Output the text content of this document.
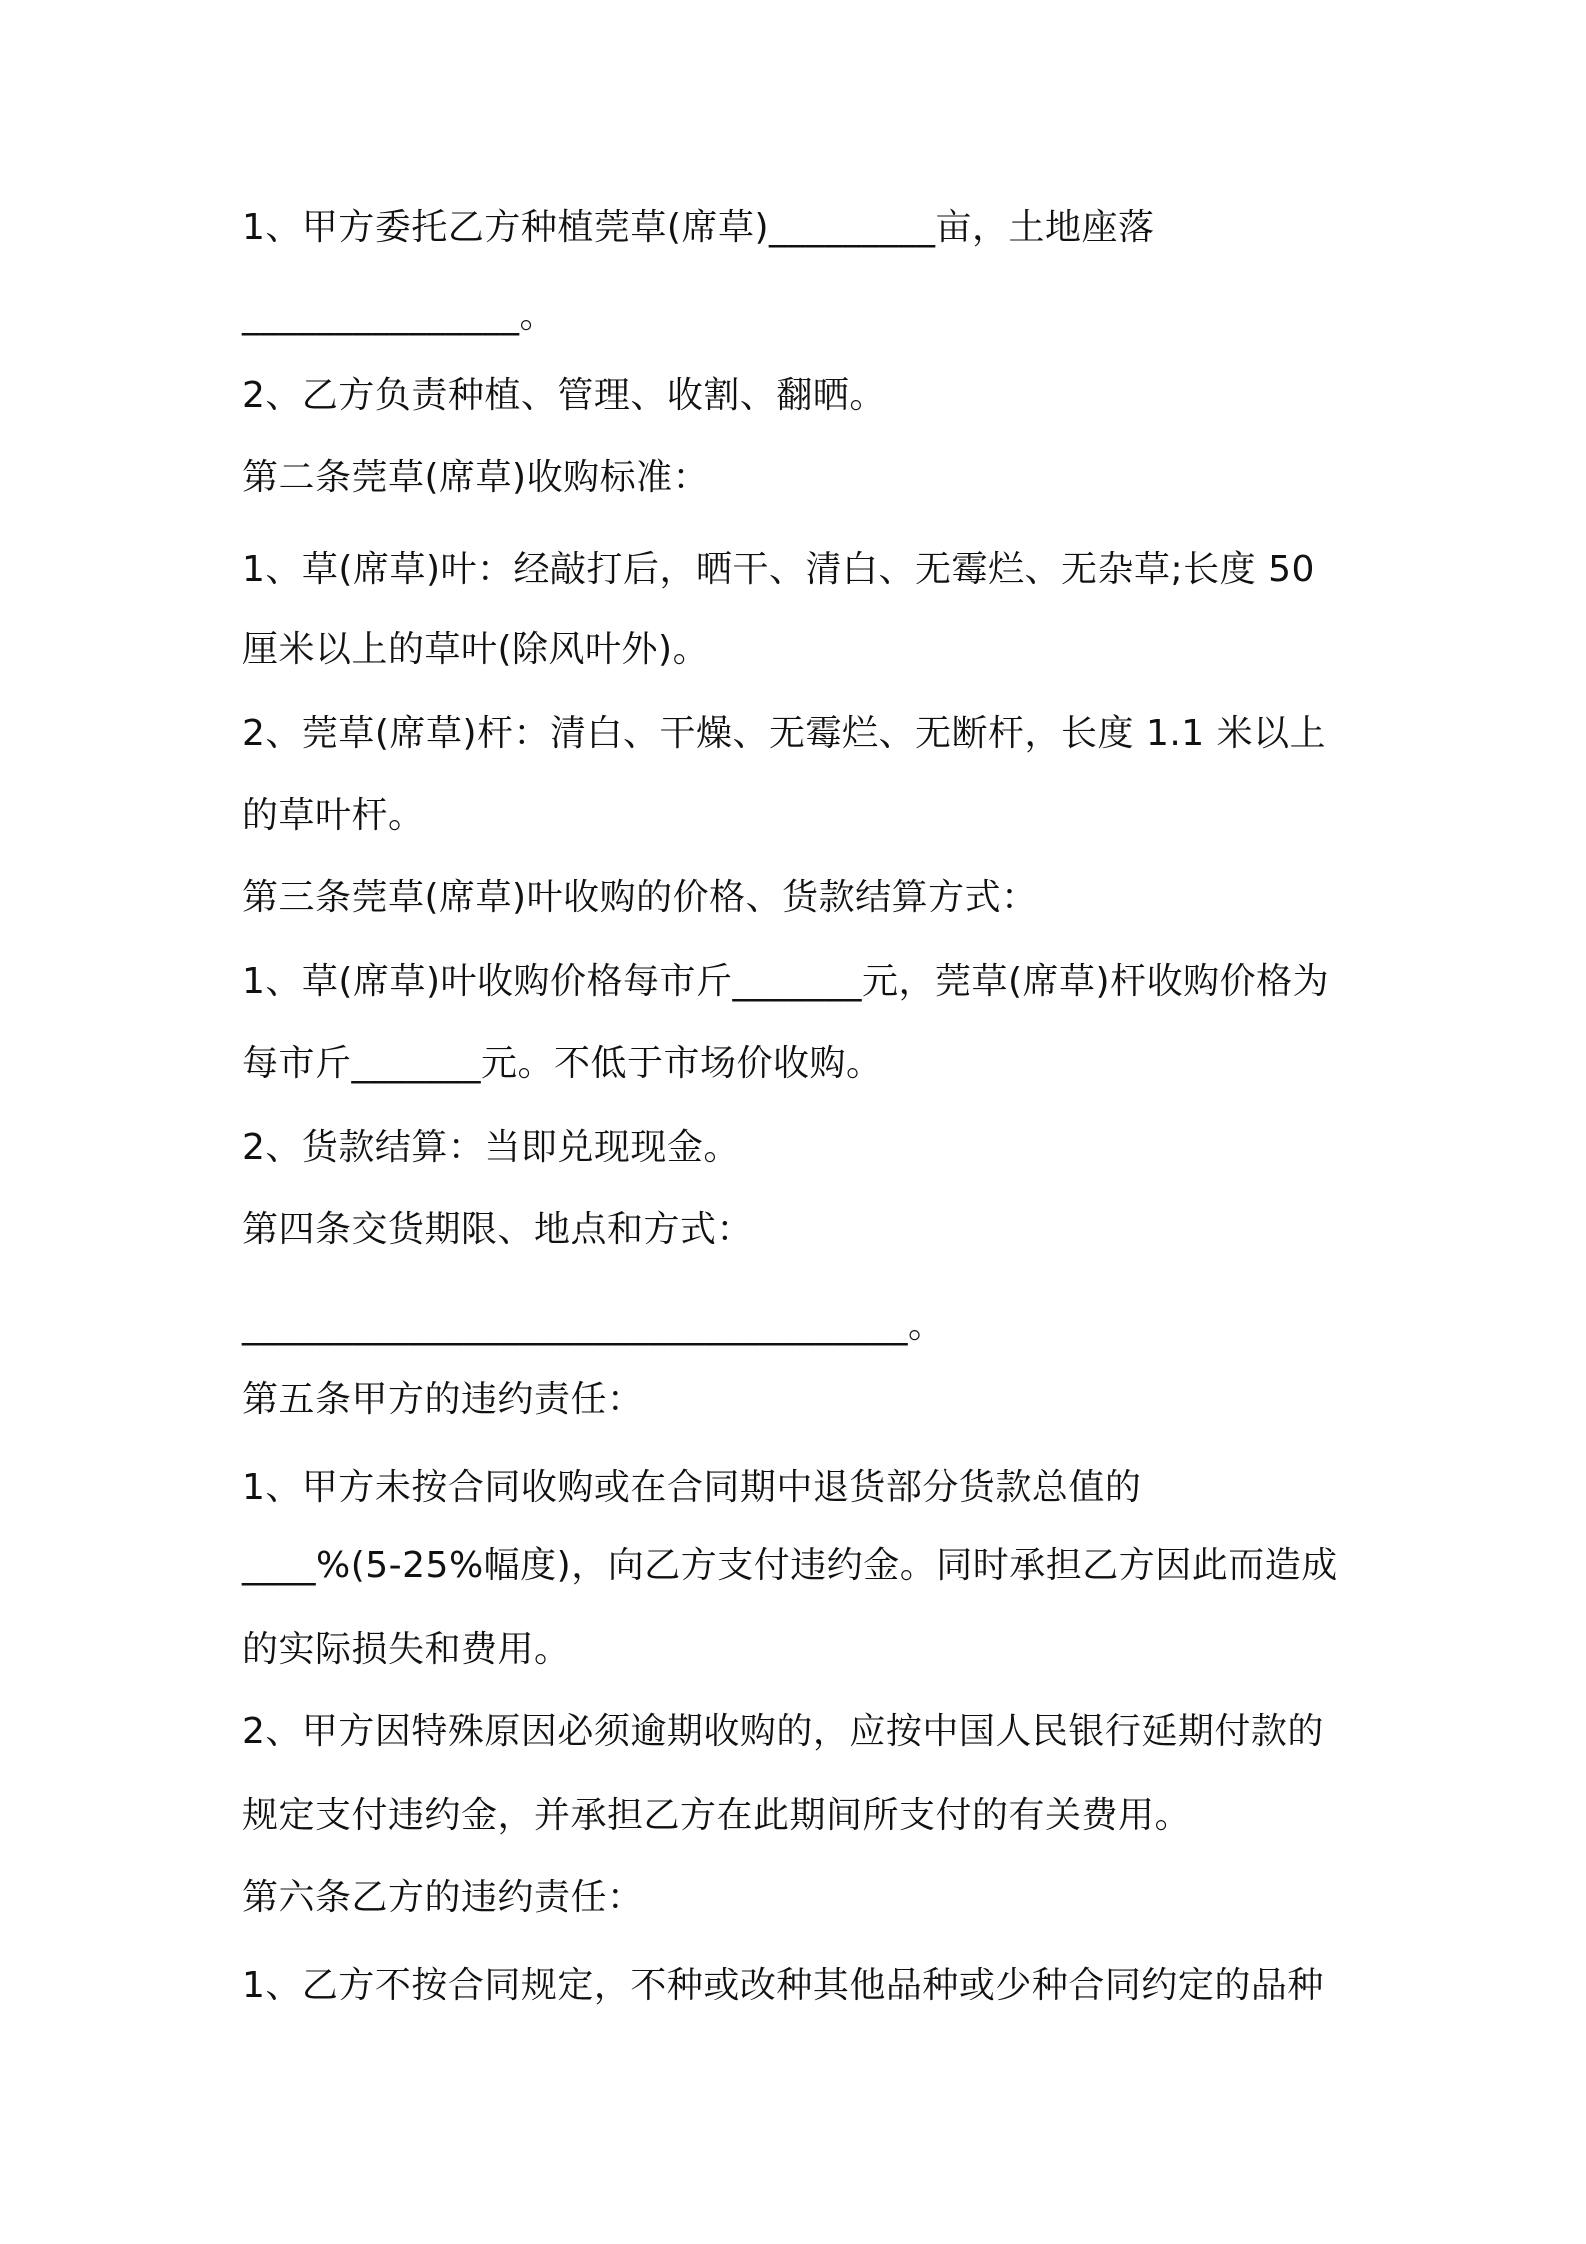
1、甲方委托乙方种植莞草(席草)_________亩，土地座落

_______________。

2、乙方负责种植、管理、收割、翻晒。

第二条莞草(席草)收购标准：

1、草(席草)叶：经敲打后，晒干、清白、无霉烂、无杂草;长度 50

厘米以上的草叶(除风叶外)。

2、莞草(席草)杆：清白、干燥、无霉烂、无断杆，长度 1.1 米以上

的草叶杆。

第三条莞草(席草)叶收购的价格、货款结算方式：

1、草(席草)叶收购价格每市斤_______元，莞草(席草)杆收购价格为

每市斤_______元。不低于市场价收购。

2、货款结算：当即兑现现金。

第四条交货期限、地点和方式：

____________________________________。

第五条甲方的违约责任：

1、甲方未按合同收购或在合同期中退货部分货款总值的

____%(5-25%幅度)，向乙方支付违约金。同时承担乙方因此而造成

的实际损失和费用。

2、甲方因特殊原因必须逾期收购的，应按中国人民银行延期付款的

规定支付违约金，并承担乙方在此期间所支付的有关费用。

第六条乙方的违约责任：

1、乙方不按合同规定，不种或改种其他品种或少种合同约定的品种
